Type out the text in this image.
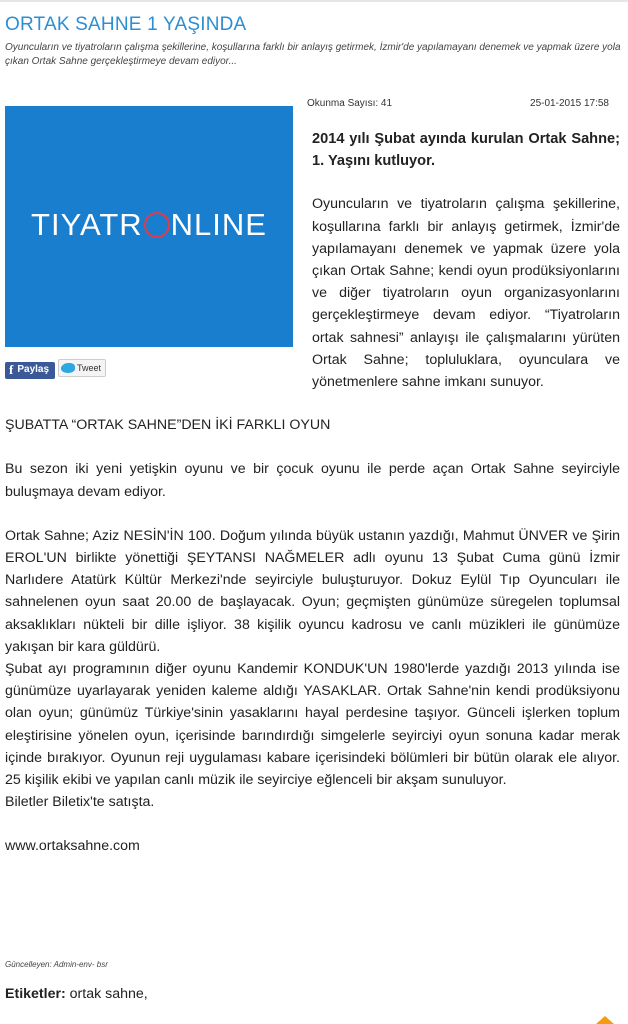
ORTAK SAHNE 1 YAŞINDA
Oyuncuların ve tiyatroların çalışma şekillerine, koşullarına farklı bir anlayış getirmek, İzmir'de yapılamayanı denemek ve yapmak üzere yola çıkan Ortak Sahne gerçekleştirmeye devam ediyor...
Okunma Sayısı: 41	25-01-2015 17:58
TIYATR NLINE
f Paylaş	Tweet

2014 yılı Şubat ayında kurulan Ortak Sahne; 1. Yaşını kutluyor.

Oyuncuların ve tiyatroların çalışma şekillerine, koşullarına farklı bir anlayış getirmek, İzmir'de yapılamayanı denemek ve yapmak üzere yola çıkan Ortak Sahne; kendi oyun prodüksiyonlarını ve diğer tiyatroların oyun organizasyonlarını gerçekleştirmeye devam ediyor. “Tiyatroların ortak sahnesi” anlayışı ile çalışmalarını yürüten Ortak Sahne; topluluklara, oyunculara ve yönetmenlere sahne imkanı sunuyor.

ŞUBATTA “ORTAK SAHNE”DEN İKİ FARKLI OYUN

Bu sezon iki yeni yetişkin oyunu ve bir çocuk oyunu ile perde açan Ortak Sahne seyirciyle buluşmaya devam ediyor.

Ortak Sahne; Aziz NESİN'İN 100. Doğum yılında büyük ustanın yazdığı, Mahmut ÜNVER ve Şirin EROL'UN birlikte yönettiği ŞEYTANSI NAĞMELER adlı oyunu 13 Şubat Cuma günü İzmir Narlıdere Atatürk Kültür Merkezi'nde seyirciyle buluşturuyor. Dokuz Eylül Tıp Oyuncuları ile sahnelenen oyun saat 20.00 de başlayacak. Oyun; geçmişten günümüze süregelen toplumsal aksaklıkları nükteli bir dille işliyor. 38 kişilik oyuncu kadrosu ve canlı müzikleri ile günümüze yakışan bir kara güldürü.

Şubat ayı programının diğer oyunu Kandemir KONDUK'UN 1980'lerde yazdığı 2013 yılında ise günümüze uyarlayarak yeniden kaleme aldığı YASAKLAR. Ortak Sahne'nin kendi prodüksiyonu olan oyun; günümüz Türkiye'sinin yasaklarını hayal perdesine taşıyor. Günceli işlerken toplum eleştirisine yönelen oyun, içerisinde barındırdığı simgelerle seyirciyi oyun sonuna kadar merak içinde bırakıyor. Oyunun reji uygulaması kabare içerisindeki bölümleri bir bütün olarak ele alıyor. 25 kişilik ekibi ve yapılan canlı müzik ile seyirciye eğlenceli bir akşam sunuluyor.

Biletler Biletix'te satışta.

www.ortaksahne.com

Güncelleyen: Admin-env- bsr
Etiketler: ortak sahne,
